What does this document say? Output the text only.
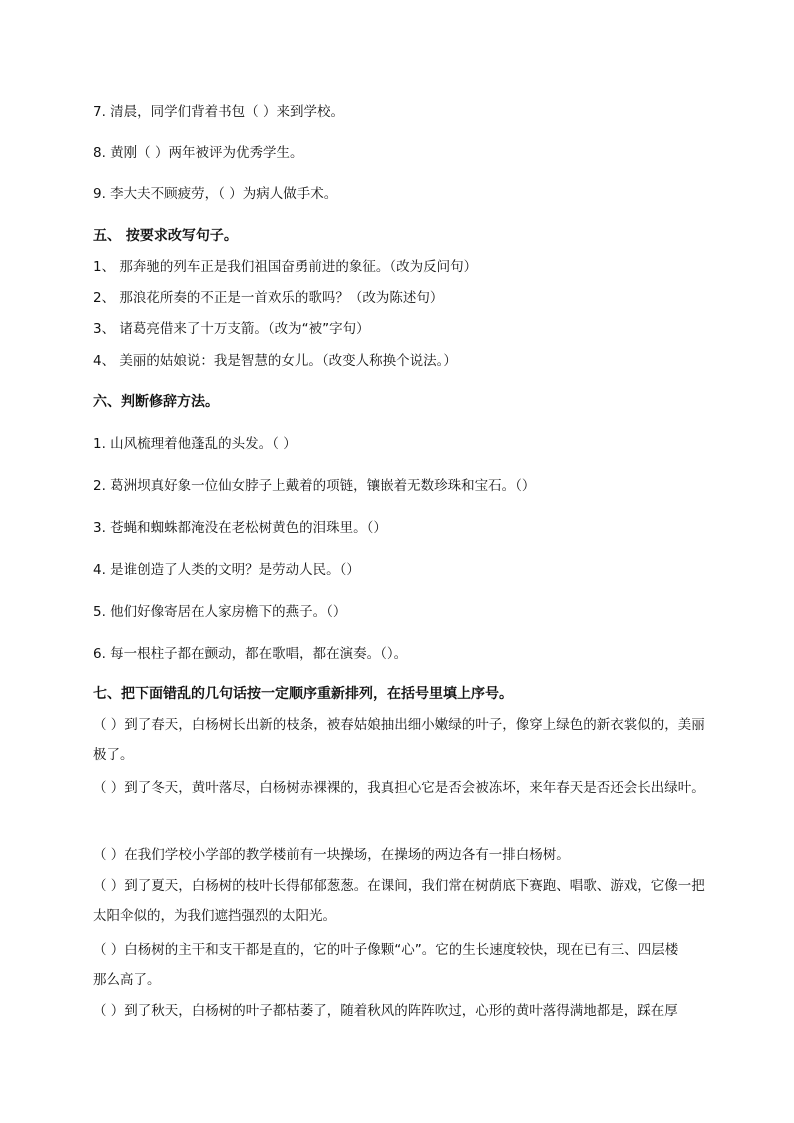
7. 清晨，同学们背着书包（ ）来到学校。
8. 黄刚（ ）两年被评为优秀学生。
9. 李大夫不顾疲劳，（ ）为病人做手术。
五、 按要求改写句子。
1、 那奔驰的列车正是我们祖国奋勇前进的象征。（改为反问句）
2、 那浪花所奏的不正是一首欢乐的歌吗？（改为陈述句）
3、 诸葛亮借来了十万支箭。（改为“被”字句）
4、 美丽的姑娘说：我是智慧的女儿。（改变人称换个说法。）
六、判断修辞方法。
1. 山风梳理着他蓬乱的头发。（ ）
2. 葛洲坝真好象一位仙女脖子上戴着的项链，镶嵌着无数珍珠和宝石。（）
3. 苍蝇和蜘蛛都淹没在老松树黄色的泪珠里。（）
4. 是谁创造了人类的文明？是劳动人民。（）
5. 他们好像寄居在人家房檐下的燕子。（）
6. 每一根柱子都在颤动，都在歌唱，都在演奏。（）。
七、把下面错乱的几句话按一定顺序重新排列，在括号里填上序号。
（ ）到了春天，白杨树长出新的枝条，被春姑娘抽出细小嫩绿的叶子，像穿上绿色的新衣裳似的，美丽极了。
（ ）到了冬天，黄叶落尽，白杨树赤裸裸的，我真担心它是否会被冻坏，来年春天是否还会长出绿叶。
（ ）在我们学校小学部的教学楼前有一块操场，在操场的两边各有一排白杨树。
（ ）到了夏天，白杨树的枝叶长得郁郁葱葱。在课间，我们常在树荫底下赛跑、唱歌、游戏，它像一把太阳伞似的，为我们遮挡强烈的太阳光。
（ ）白杨树的主干和支干都是直的，它的叶子像颗“心”。它的生长速度较快，现在已有三、四层楼　那么高了。
（ ）到了秋天，白杨树的叶子都枯萎了，随着秋风的阵阵吹过，心形的黄叶落得满地都是，踩在厚
